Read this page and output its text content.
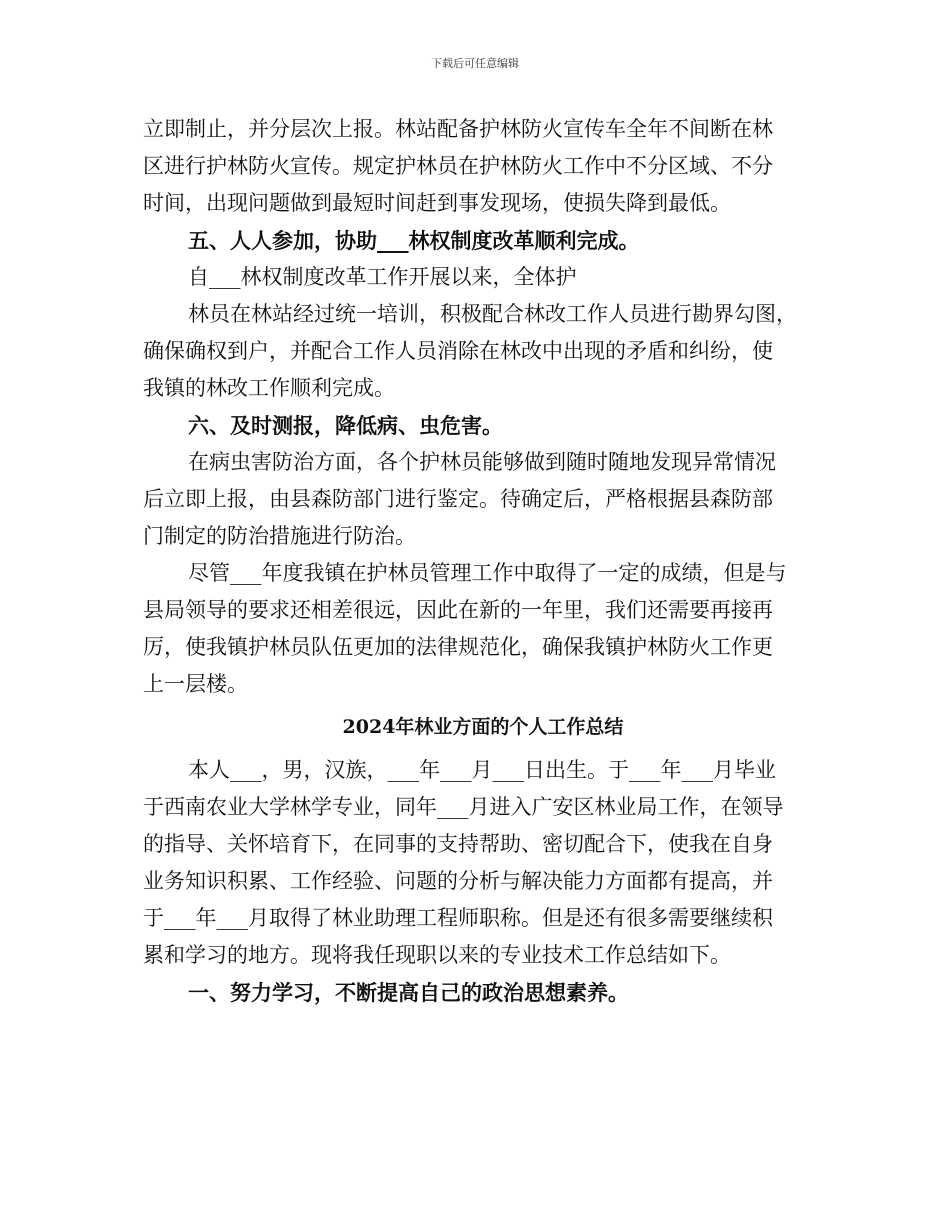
下载后可任意编辑
立即制止，并分层次上报。林站配备护林防火宣传车全年不间断在林
区进行护林防火宣传。规定护林员在护林防火工作中不分区域、不分
时间，出现问题做到最短时间赶到事发现场，使损失降到最低。
五、人人参加，协助___林权制度改革顺利完成。
自___林权制度改革工作开展以来，全体护
林员在林站经过统一培训，积极配合林改工作人员进行勘界勾图，
确保确权到户，并配合工作人员消除在林改中出现的矛盾和纠纷，使
我镇的林改工作顺利完成。
六、及时测报，降低病、虫危害。
在病虫害防治方面，各个护林员能够做到随时随地发现异常情况
后立即上报，由县森防部门进行鉴定。待确定后，严格根据县森防部
门制定的防治措施进行防治。
尽管___年度我镇在护林员管理工作中取得了一定的成绩，但是与
县局领导的要求还相差很远，因此在新的一年里，我们还需要再接再
厉，使我镇护林员队伍更加的法律规范化，确保我镇护林防火工作更
上一层楼。
2024年林业方面的个人工作总结
本人___，男，汉族，___年___月___日出生。于___年___月毕业
于西南农业大学林学专业，同年___月进入广安区林业局工作，在领导
的指导、关怀培育下，在同事的支持帮助、密切配合下，使我在自身
业务知识积累、工作经验、问题的分析与解决能力方面都有提高，并
于___年___月取得了林业助理工程师职称。但是还有很多需要继续积
累和学习的地方。现将我任现职以来的专业技术工作总结如下。
一、努力学习，不断提高自己的政治思想素养。
